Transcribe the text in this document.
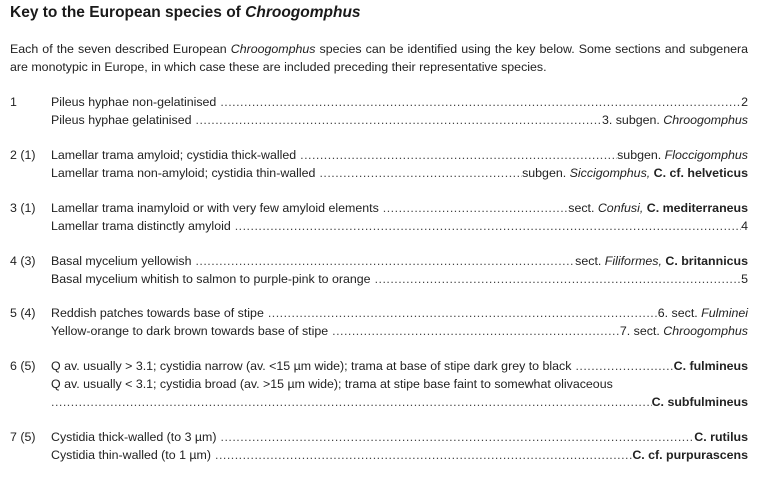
Key to the European species of Chroogomphus
Each of the seven described European Chroogomphus species can be identified using the key below. Some sections and subgenera are monotypic in Europe, in which case these are included preceding their representative species.
1	Pileus hyphae non-gelatinised .....	2
Pileus hyphae gelatinised .....	3. subgen. Chroogomphus
2 (1)	Lamellar trama amyloid; cystidia thick-walled .....	subgen. Floccigomphus
Lamellar trama non-amyloid; cystidia thin-walled .....	subgen. Siccigomphus, C. cf. helveticus
3 (1)	Lamellar trama inamyloid or with very few amyloid elements .....	sect. Confusi, C. mediterraneus
Lamellar trama distinctly amyloid .....	4
4 (3)	Basal mycelium yellowish .....	sect. Filiformes, C. britannicus
Basal mycelium whitish to salmon to purple-pink to orange .....	5
5 (4)	Reddish patches towards base of stipe .....	6. sect. Fulminei
Yellow-orange to dark brown towards base of stipe .....	7. sect. Chroogomphus
6 (5)	Q av. usually > 3.1; cystidia narrow (av. <15 µm wide); trama at base of stipe dark grey to black .....	C. fulmineus
Q av. usually < 3.1; cystidia broad (av. >15 µm wide); trama at stipe base faint to somewhat olivaceous
.....
C. subfulmineus
7 (5)	Cystidia thick-walled (to 3 µm) .....	C. rutilus
Cystidia thin-walled (to 1 µm) .....	C. cf. purpurascens
